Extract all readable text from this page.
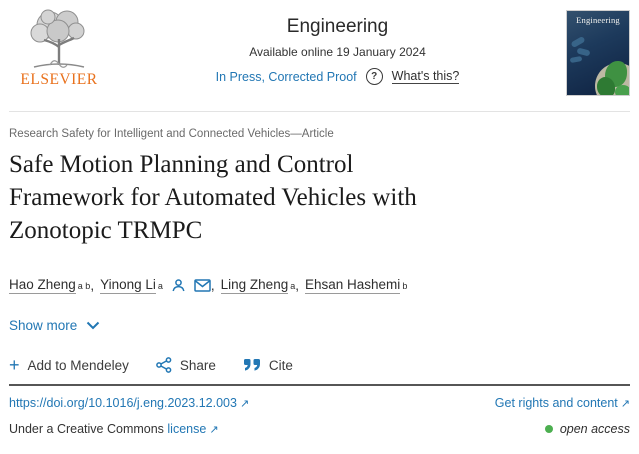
ELSEVIER
Engineering
Available online 19 January 2024
In Press, Corrected Proof	?	What's this?
Engineering
Research Safety for Intelligent and Connected Vehicles—Article
Safe Motion Planning and Control
Framework for Automated Vehicles with
Zonotopic TRMPC
Hao Zheng a b , Yinong Li a	, Ling Zheng a , Ehsan Hashemi b
Show more
+ Add to Mendeley	Share	Cite
https://doi.org/10.1016/j.eng.2023.12.003 ↗	Get rights and content ↗
Under a Creative Commons license ↗	open access
